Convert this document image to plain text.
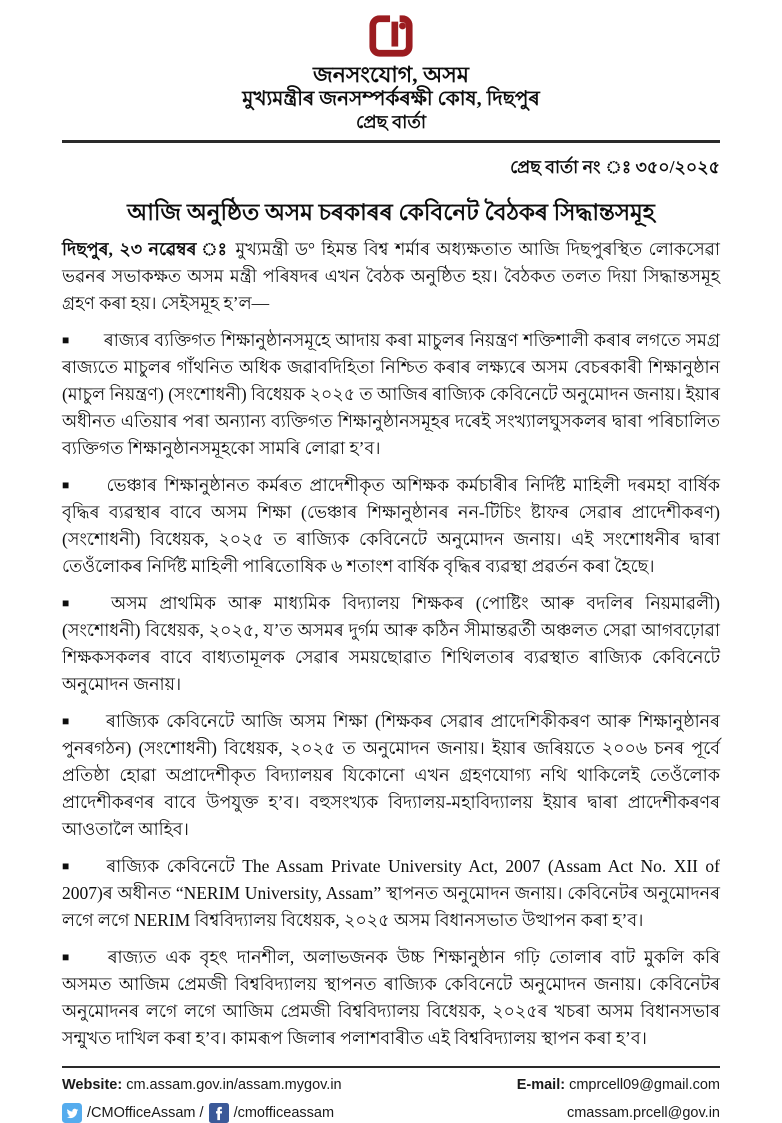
জনসংযোগ, অসম
মুখ্যমন্ত্ৰীৰ জনসম্পৰ্কৰক্ষী কোষ, দিছপুৰ
প্ৰেছ বাৰ্তা
প্ৰেছ বাৰ্তা নং ঃ ৩৫০/২০২৫
আজি অনুষ্ঠিত অসম চৰকাৰৰ কেবিনেট বৈঠকৰ সিদ্ধান্তসমূহ

দিছপুৰ, ২৩ নৱেম্বৰ ঃ মুখ্যমন্ত্ৰী ড° হিমন্ত বিশ্ব শৰ্মাৰ অধ্যক্ষতাত আজি দিছপুৰস্থিত লোকসেৱা ভৱনৰ সভাকক্ষত অসম মন্ত্ৰী পৰিষদৰ এখন বৈঠক অনুষ্ঠিত হয়। বৈঠকত তলত দিয়া সিদ্ধান্তসমূহ গ্ৰহণ কৰা হয়। সেইসমূহ হ’ল—

■ ৰাজ্যৰ ব্যক্তিগত শিক্ষানুষ্ঠানসমূহে আদায় কৰা মাচুলৰ নিয়ন্ত্ৰণ শক্তিশালী কৰাৰ লগতে সমগ্ৰ ৰাজ্যতে মাচুলৰ গাঁথনিত অধিক জৱাবদিহিতা নিশ্চিত কৰাৰ লক্ষ্যৰে অসম বেচৰকাৰী শিক্ষানুষ্ঠান (মাচুল নিয়ন্ত্ৰণ) (সংশোধনী) বিধেয়ক ২০২৫ ত আজিৰ ৰাজ্যিক কেবিনেটে অনুমোদন জনায়। ইয়াৰ অধীনত এতিয়াৰ পৰা অন্যান্য ব্যক্তিগত শিক্ষানুষ্ঠানসমূহৰ দৰেই সংখ্যালঘুসকলৰ দ্বাৰা পৰিচালিত ব্যক্তিগত শিক্ষানুষ্ঠানসমূহকো সামৰি লোৱা হ’ব।

■ ভেঞ্চাৰ শিক্ষানুষ্ঠানত কৰ্মৰত প্ৰাদেশীকৃত অশিক্ষক কৰ্মচাৰীৰ নিৰ্দিষ্ট মাহিলী দৰমহা বাৰ্ষিক বৃদ্ধিৰ ব্যৱস্থাৰ বাবে অসম শিক্ষা (ভেঞ্চাৰ শিক্ষানুষ্ঠানৰ নন-টিচিং ষ্টাফৰ সেৱাৰ প্ৰাদেশীকৰণ) (সংশোধনী) বিধেয়ক, ২০২৫ ত ৰাজ্যিক কেবিনেটে অনুমোদন জনায়। এই সংশোধনীৰ দ্বাৰা তেওঁলোকৰ নিৰ্দিষ্ট মাহিলী পাৰিতোষিক ৬ শতাংশ বাৰ্ষিক বৃদ্ধিৰ ব্যৱস্থা প্ৰৱৰ্তন কৰা হৈছে।

■ অসম প্ৰাথমিক আৰু মাধ্যমিক বিদ্যালয় শিক্ষকৰ (পোষ্টিং আৰু বদলিৰ নিয়মাৱলী) (সংশোধনী) বিধেয়ক, ২০২৫, য’ত অসমৰ দুৰ্গম আৰু কঠিন সীমান্তৱৰ্তী অঞ্চলত সেৱা আগবঢ়োৱা শিক্ষকসকলৰ বাবে বাধ্যতামূলক সেৱাৰ সময়ছোৱাত শিথিলতাৰ ব্যৱস্থাত ৰাজ্যিক কেবিনেটে অনুমোদন জনায়।

■ ৰাজ্যিক কেবিনেটে আজি অসম শিক্ষা (শিক্ষকৰ সেৱাৰ প্ৰাদেশিকীকৰণ আৰু শিক্ষানুষ্ঠানৰ পুনৰগঠন) (সংশোধনী) বিধেয়ক, ২০২৫ ত অনুমোদন জনায়। ইয়াৰ জৰিয়তে ২০০৬ চনৰ পূৰ্বে প্ৰতিষ্ঠা হোৱা অপ্ৰাদেশীকৃত বিদ্যালয়ৰ যিকোনো এখন গ্ৰহণযোগ্য নথি থাকিলেই তেওঁলোক প্ৰাদেশীকৰণৰ বাবে উপযুক্ত হ’ব। বহুসংখ্যক বিদ্যালয়-মহাবিদ্যালয় ইয়াৰ দ্বাৰা প্ৰাদেশীকৰণৰ আওতালৈ আহিব।

■ ৰাজ্যিক কেবিনেটে The Assam Private University Act, 2007 (Assam Act No. XII of 2007)ৰ অধীনত “NERIM University, Assam” স্থাপনত অনুমোদন জনায়। কেবিনেটৰ অনুমোদনৰ লগে লগে NERIM বিশ্ববিদ্যালয় বিধেয়ক, ২০২৫ অসম বিধানসভাত উত্থাপন কৰা হ’ব।

■ ৰাজ্যত এক বৃহৎ দানশীল, অলাভজনক উচ্চ শিক্ষানুষ্ঠান গঢ়ি তোলাৰ বাট মুকলি কৰি অসমত আজিম প্ৰেমজী বিশ্ববিদ্যালয় স্থাপনত ৰাজ্যিক কেবিনেটে অনুমোদন জনায়। কেবিনেটৰ অনুমোদনৰ লগে লগে আজিম প্ৰেমজী বিশ্ববিদ্যালয় বিধেয়ক, ২০২৫ৰ খচৰা অসম বিধানসভাৰ সন্মুখত দাখিল কৰা হ’ব। কামৰূপ জিলাৰ পলাশবাৰীত এই বিশ্ববিদ্যালয় স্থাপন কৰা হ’ব।

Website: cm.assam.gov.in/assam.mygov.in	E-mail: cmprcell09@gmail.com
/CMOfficeAssam / /cmofficeassam	cmassam.prcell@gov.in
